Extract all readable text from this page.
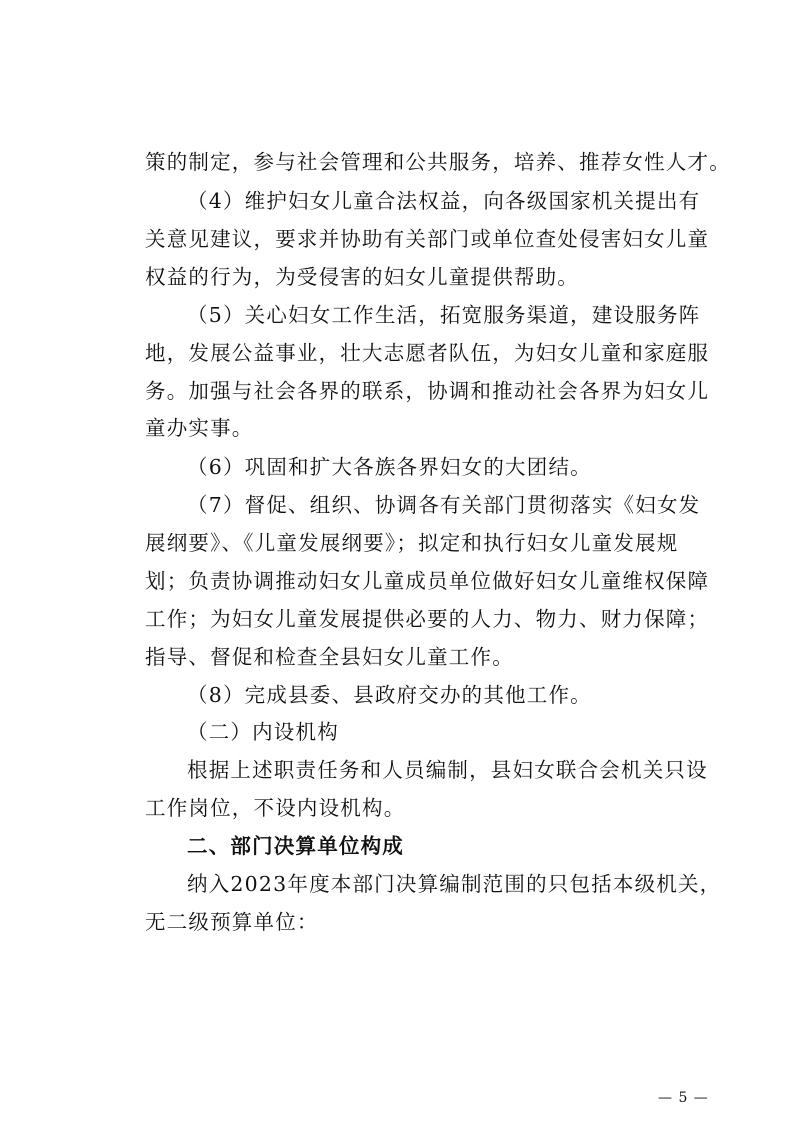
策的制定，参与社会管理和公共服务，培养、推荐女性人才。
（4）维护妇女儿童合法权益，向各级国家机关提出有
关意见建议，要求并协助有关部门或单位查处侵害妇女儿童
权益的行为，为受侵害的妇女儿童提供帮助。
（5）关心妇女工作生活，拓宽服务渠道，建设服务阵
地，发展公益事业，壮大志愿者队伍，为妇女儿童和家庭服
务。加强与社会各界的联系，协调和推动社会各界为妇女儿
童办实事。
（6）巩固和扩大各族各界妇女的大团结。
（7）督促、组织、协调各有关部门贯彻落实《妇女发
展纲要》、《儿童发展纲要》；拟定和执行妇女儿童发展规
划；负责协调推动妇女儿童成员单位做好妇女儿童维权保障
工作；为妇女儿童发展提供必要的人力、物力、财力保障；
指导、督促和检查全县妇女儿童工作。
（8）完成县委、县政府交办的其他工作。
（二）内设机构
根据上述职责任务和人员编制，县妇女联合会机关只设
工作岗位，不设内设机构。
二、部门决算单位构成
纳入2023年度本部门决算编制范围的只包括本级机关，
无二级预算单位：
— 5 —
